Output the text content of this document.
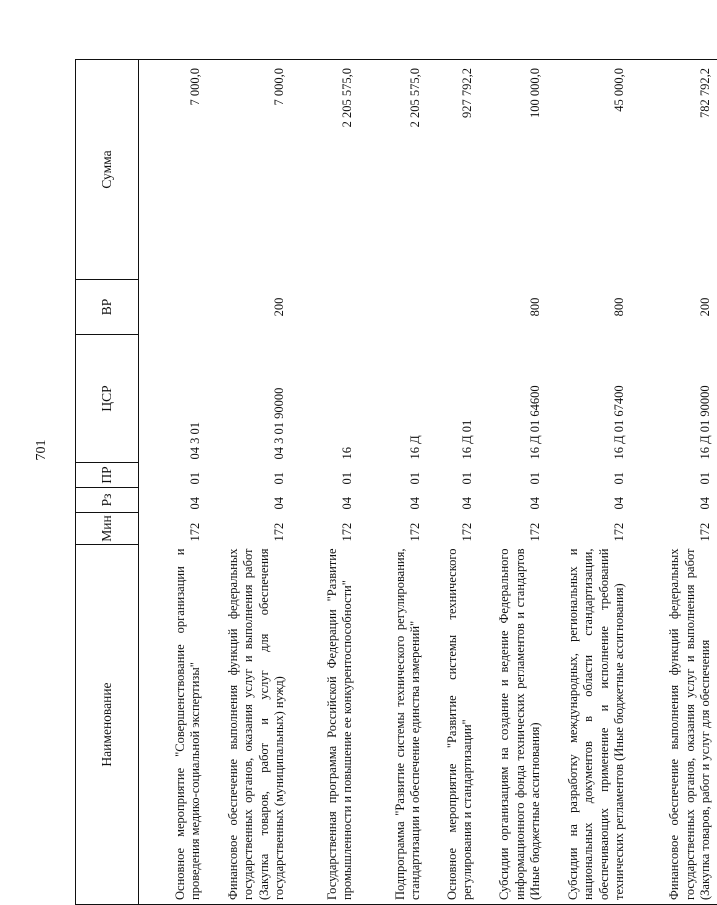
701
Наименование	Мин	Рз	ПР	ЦСР	ВР	Сумма
Основное мероприятие "Совершенствование организации и проведения медико-социальной экспертизы"	172	04	01	04 3 01		7 000,0
Финансовое обеспечение выполнения функций федеральных государственных органов, оказания услуг и выполнения работ (Закупка товаров, работ и услуг для обеспечения государственных (муниципальных) нужд)	172	04	01	04 3 01 90000	200	7 000,0
Государственная программа Российской Федерации "Развитие промышленности и повышение ее конкурентоспособности"	172	04	01	16		2 205 575,0
Подпрограмма "Развитие системы технического регулирования, стандартизации и обеспечение единства измерений"	172	04	01	16 Д		2 205 575,0
Основное мероприятие "Развитие системы технического регулирования и стандартизации"	172	04	01	16 Д 01		927 792,2
Субсидии организациям на создание и ведение Федерального информационного фонда технических регламентов и стандартов (Иные бюджетные ассигнования)	172	04	01	16 Д 01 64600	800	100 000,0
Субсидии на разработку международных, региональных и национальных документов в области стандартизации, обеспечивающих применение и исполнение требований технических регламентов (Иные бюджетные ассигнования)	172	04	01	16 Д 01 67400	800	45 000,0
Финансовое обеспечение выполнения функций федеральных государственных органов, оказания услуг и выполнения работ (Закупка товаров, работ и услуг для обеспечения	172	04	01	16 Д 01 90000	200	782 792,2
